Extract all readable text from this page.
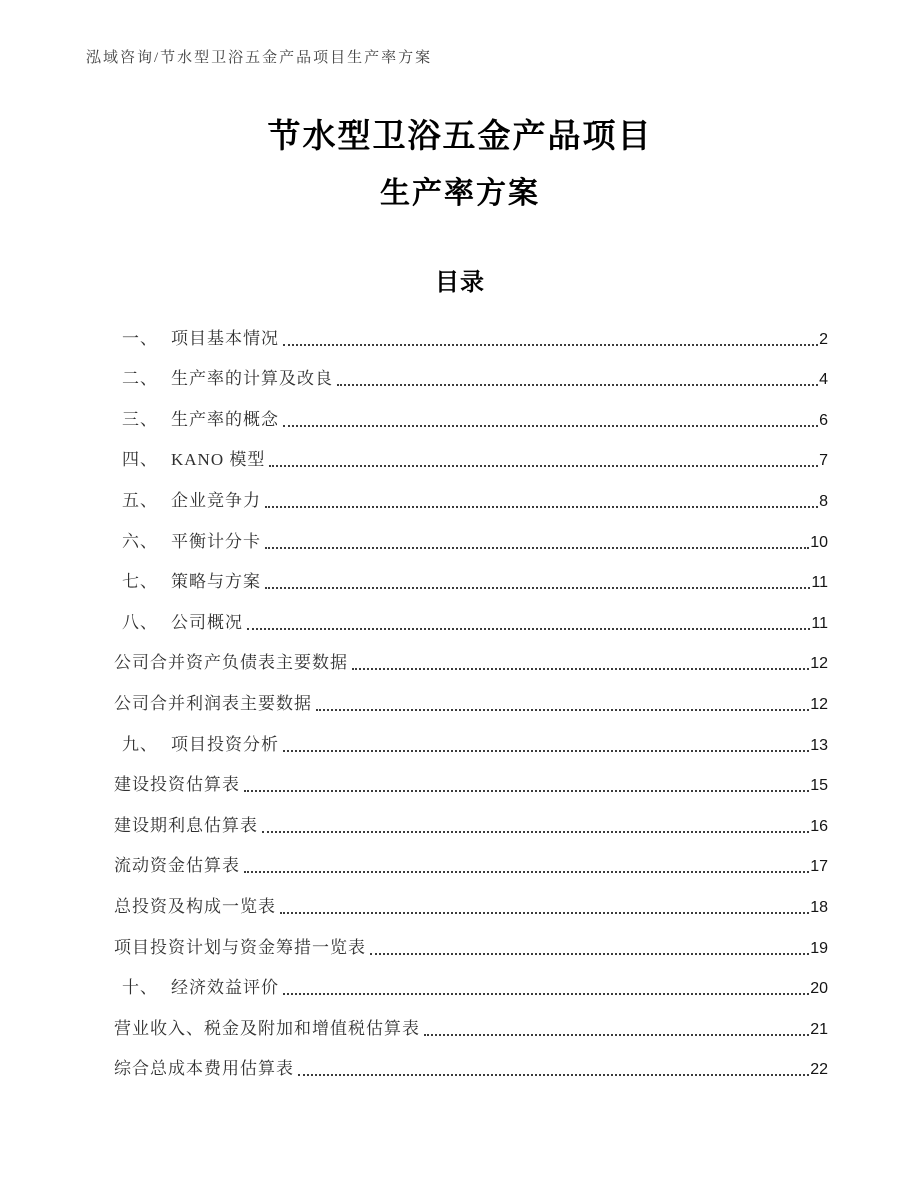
泓域咨询/节水型卫浴五金产品项目生产率方案
节水型卫浴五金产品项目
生产率方案
目录
一、 项目基本情况	2
二、 生产率的计算及改良	4
三、 生产率的概念	6
四、 KANO 模型	7
五、 企业竞争力	8
六、 平衡计分卡	10
七、 策略与方案	11
八、 公司概况	11
公司合并资产负债表主要数据	12
公司合并利润表主要数据	12
九、 项目投资分析	13
建设投资估算表	15
建设期利息估算表	16
流动资金估算表	17
总投资及构成一览表	18
项目投资计划与资金筹措一览表	19
十、 经济效益评价	20
营业收入、税金及附加和增值税估算表	21
综合总成本费用估算表	22
